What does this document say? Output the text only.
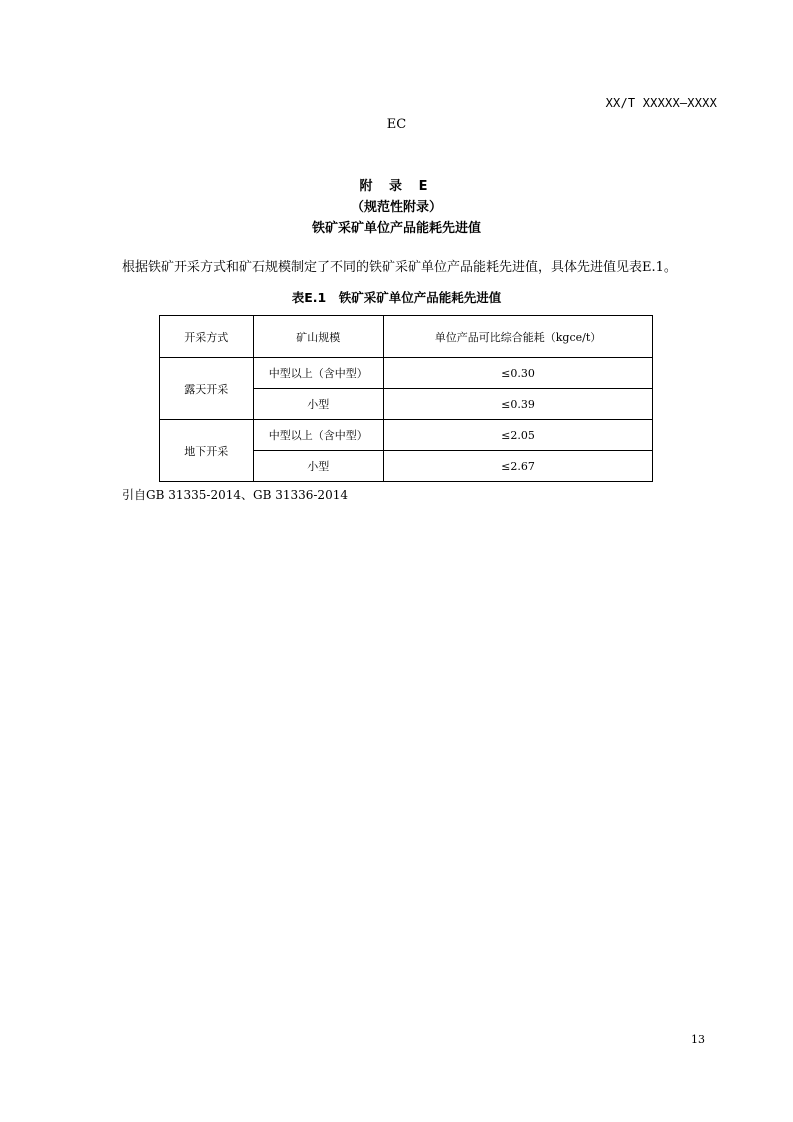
XX/T XXXXX—XXXX
EC
附 录 E
（规范性附录）
铁矿采矿单位产品能耗先进值
根据铁矿开采方式和矿石规模制定了不同的铁矿采矿单位产品能耗先进值，具体先进值见表E.1。
表E.1　铁矿采矿单位产品能耗先进值
开采方式	矿山规模	单位产品可比综合能耗（kgce/t）
露天开采	中型以上（含中型）	≤0.30
	小型	≤0.39
地下开采	中型以上（含中型）	≤2.05
	小型	≤2.67
引自GB 31335-2014、GB 31336-2014
13
